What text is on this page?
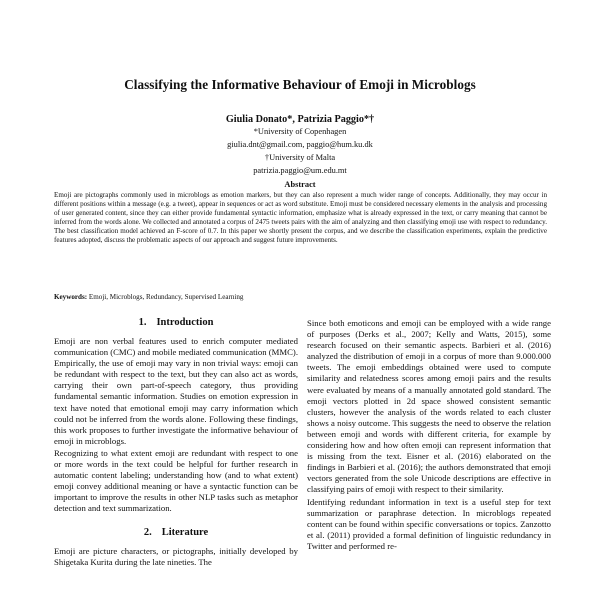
Classifying the Informative Behaviour of Emoji in Microblogs
Giulia Donato*, Patrizia Paggio*†
*University of Copenhagen
giulia.dnt@gmail.com, paggio@hum.ku.dk
†University of Malta
patrizia.paggio@um.edu.mt
Abstract
Emoji are pictographs commonly used in microblogs as emotion markers, but they can also represent a much wider range of concepts. Additionally, they may occur in different positions within a message (e.g. a tweet), appear in sequences or act as word substitute. Emoji must be considered necessary elements in the analysis and processing of user generated content, since they can either provide fundamental syntactic information, emphasize what is already expressed in the text, or carry meaning that cannot be inferred from the words alone. We collected and annotated a corpus of 2475 tweets pairs with the aim of analyzing and then classifying emoji use with respect to redundancy. The best classification model achieved an F-score of 0.7. In this paper we shortly present the corpus, and we describe the classification experiments, explain the predictive features adopted, discuss the problematic aspects of our approach and suggest future improvements.
Keywords: Emoji, Microblogs, Redundancy, Supervised Learning
1. Introduction

Emoji are non verbal features used to enrich computer mediated communication (CMC) and mobile mediated communication (MMC). Empirically, the use of emoji may vary in non trivial ways: emoji can be redundant with respect to the text, but they can also act as words, carrying their own part-of-speech category, thus providing fundamental semantic information. Studies on emotion expression in text have noted that emotional emoji may carry information which could not be inferred from the words alone. Following these findings, this work proposes to further investigate the informative behaviour of emoji in microblogs.

Recognizing to what extent emoji are redundant with respect to one or more words in the text could be helpful for further research in automatic content labeling; understanding how (and to what extent) emoji convey additional meaning or have a syntactic function can be important to improve the results in other NLP tasks such as metaphor detection and text summarization.

2. Literature

Emoji are picture characters, or pictographs, initially developed by Shigetaka Kurita during the late nineties. The

Since both emoticons and emoji can be employed with a wide range of purposes (Derks et al., 2007; Kelly and Watts, 2015), some research focused on their semantic aspects. Barbieri et al. (2016) analyzed the distribution of emoji in a corpus of more than 9.000.000 tweets. The emoji embeddings obtained were used to compute similarity and relatedness scores among emoji pairs and the results were evaluated by means of a manually annotated gold standard. The emoji vectors plotted in 2d space showed consistent semantic clusters, however the analysis of the words related to each cluster shows a noisy outcome. This suggests the need to observe the relation between emoji and words with different criteria, for example by considering how and how often emoji can represent information that is missing from the text. Eisner et al. (2016) elaborated on the findings in Barbieri et al. (2016); the authors demonstrated that emoji vectors generated from the sole Unicode descriptions are effective in classifying pairs of emoji with respect to their similarity.

Identifying redundant information in text is a useful step for text summarization or paraphrase detection. In microblogs repeated content can be found within specific conversations or topics. Zanzotto et al. (2011) provided a formal definition of linguistic redundancy in Twitter and performed re-
